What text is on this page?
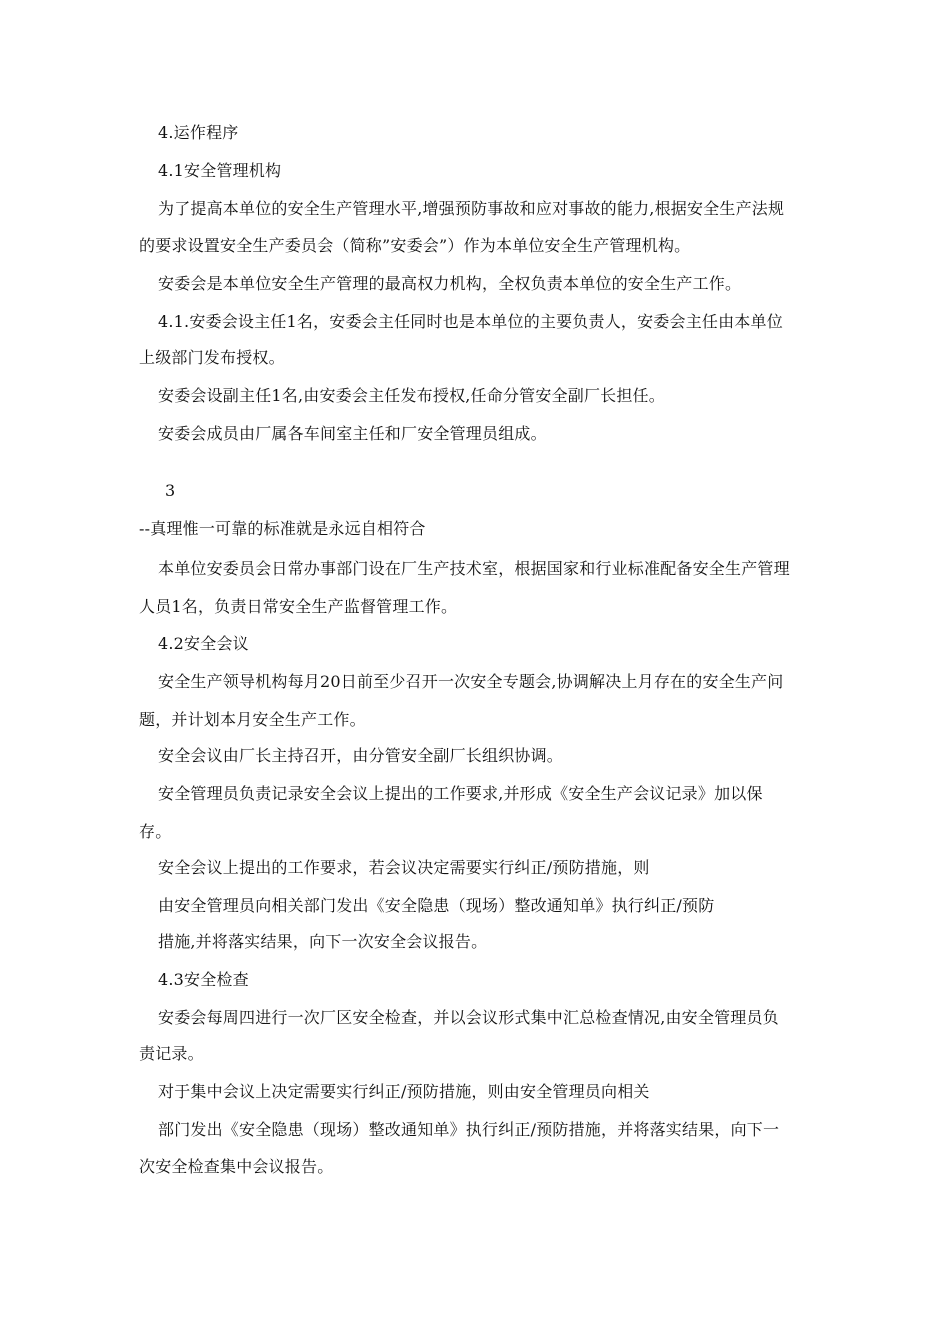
4.运作程序
4.1安全管理机构
为了提高本单位的安全生产管理水平,增强预防事故和应对事故的能力,根据安全生产法规
的要求设置安全生产委员会（简称”安委会”）作为本单位安全生产管理机构。
安委会是本单位安全生产管理的最高权力机构，全权负责本单位的安全生产工作。
4.1.安委会设主任1名，安委会主任同时也是本单位的主要负责人，安委会主任由本单位
上级部门发布授权。
安委会设副主任1名,由安委会主任发布授权,任命分管安全副厂长担任。
安委会成员由厂属各车间室主任和厂安全管理员组成。
3
--真理惟一可靠的标准就是永远自相符合
本单位安委员会日常办事部门设在厂生产技术室，根据国家和行业标准配备安全生产管理
人员1名，负责日常安全生产监督管理工作。
4.2安全会议
安全生产领导机构每月20日前至少召开一次安全专题会,协调解决上月存在的安全生产问
题，并计划本月安全生产工作。
安全会议由厂长主持召开，由分管安全副厂长组织协调。
安全管理员负责记录安全会议上提出的工作要求,并形成《安全生产会议记录》加以保
存。
安全会议上提出的工作要求，若会议决定需要实行纠正/预防措施，则
由安全管理员向相关部门发出《安全隐患（现场）整改通知单》执行纠正/预防
措施,并将落实结果，向下一次安全会议报告。
4.3安全检查
安委会每周四进行一次厂区安全检查，并以会议形式集中汇总检查情况,由安全管理员负
责记录。
对于集中会议上决定需要实行纠正/预防措施，则由安全管理员向相关
部门发出《安全隐患（现场）整改通知单》执行纠正/预防措施，并将落实结果，向下一
次安全检查集中会议报告。
